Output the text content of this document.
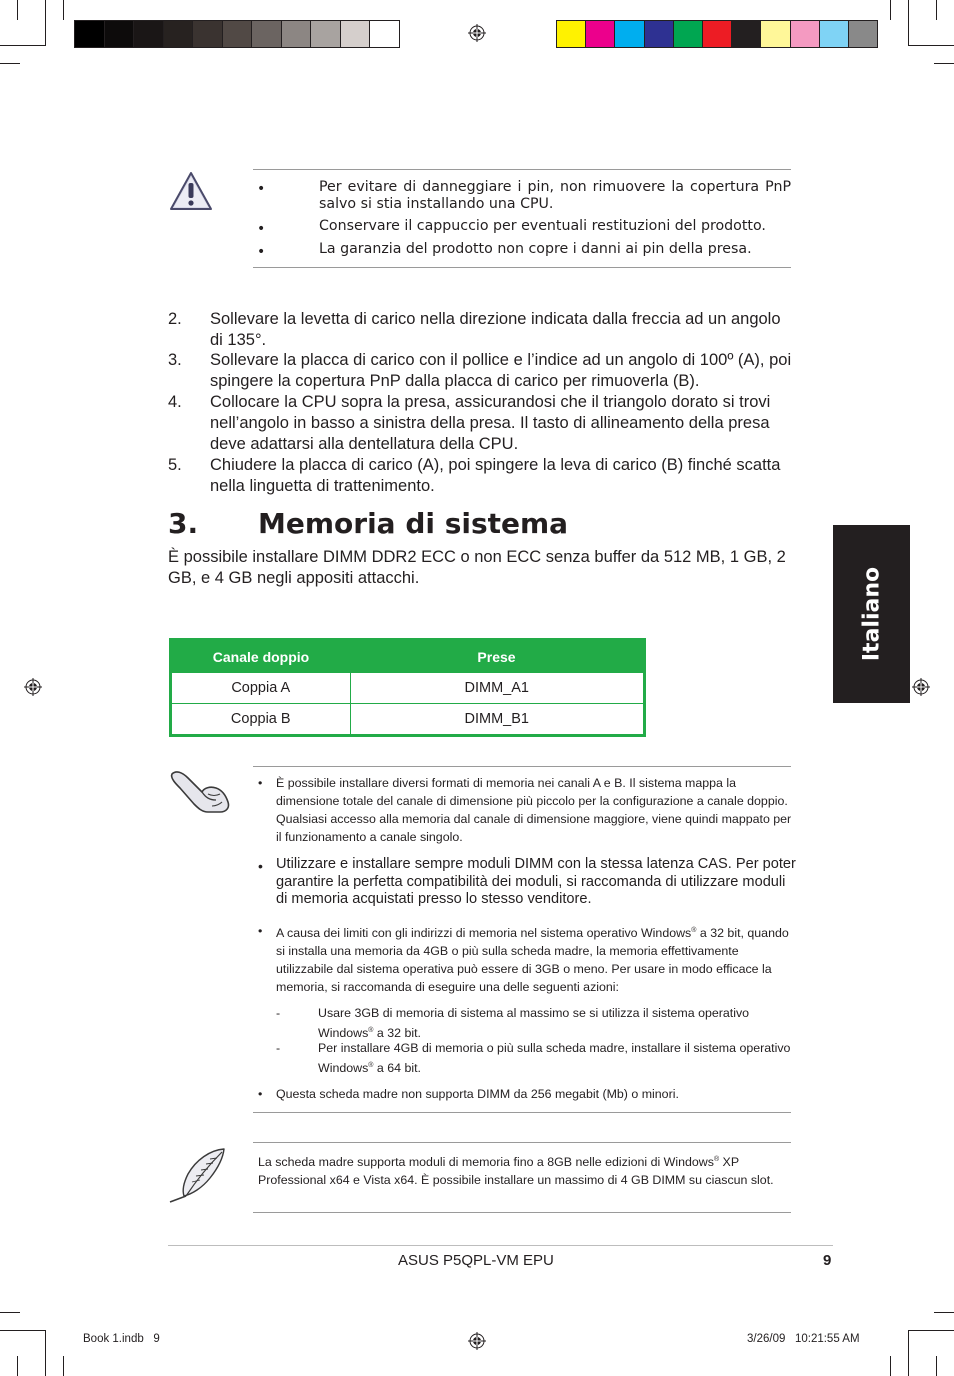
•	Per evitare di danneggiare i pin, non rimuovere la copertura PnP salvo si stia installando una CPU.
•	Conservare il cappuccio per eventuali restituzioni del prodotto.
•	La garanzia del prodotto non copre i danni ai pin della presa.
2. Sollevare la levetta di carico nella direzione indicata dalla freccia ad un angolo di 135°.
3. Sollevare la placca di carico con il pollice e l’indice ad un angolo di 100º (A), poi spingere la copertura PnP dalla placca di carico per rimuoverla (B).
4. Collocare la CPU sopra la presa, assicurandosi che il triangolo dorato si trovi nell’angolo in basso a sinistra della presa. Il tasto di allineamento della presa deve adattarsi alla dentellatura della CPU.
5. Chiudere la placca di carico (A), poi spingere la leva di carico (B) finché scatta nella linguetta di trattenimento.
3. Memoria di sistema
È possibile installare DIMM DDR2 ECC o non ECC senza buffer da 512 MB, 1 GB, 2 GB, e 4 GB negli appositi attacchi.	Italiano
Canale doppio	Prese
Coppia A	DIMM_A1
Coppia B	DIMM_B1
• È possibile installare diversi formati di memoria nei canali A e B. Il sistema mappa la dimensione totale del canale di dimensione più piccolo per la configurazione a canale doppio. Qualsiasi accesso alla memoria dal canale di dimensione maggiore, viene quindi mappato per il funzionamento a canale singolo.
• Utilizzare e installare sempre moduli DIMM con la stessa latenza CAS. Per poter garantire la perfetta compatibilità dei moduli, si raccomanda di utilizzare moduli di memoria acquistati presso lo stesso venditore.
• A causa dei limiti con gli indirizzi di memoria nel sistema operativo Windows® a 32 bit, quando si installa una memoria da 4GB o più sulla scheda madre, la memoria effettivamente utilizzabile dal sistema operativa può essere di 3GB o meno. Per usare in modo efficace la memoria, si raccomanda di eseguire una delle seguenti azioni:
-	Usare 3GB di memoria di sistema al massimo se si utilizza il sistema operativo Windows® a 32 bit.
-	Per installare 4GB di memoria o più sulla scheda madre, installare il sistema operativo Windows® a 64 bit.
• Questa scheda madre non supporta DIMM da 256 megabit (Mb) o minori.
La scheda madre supporta moduli di memoria fino a 8GB nelle edizioni di Windows® XP Professional x64 e Vista x64. È possibile installare un massimo di 4 GB DIMM su ciascun slot.
ASUS P5QPL-VM EPU	9
Book 1.indb   9	3/26/09   10:21:55 AM
